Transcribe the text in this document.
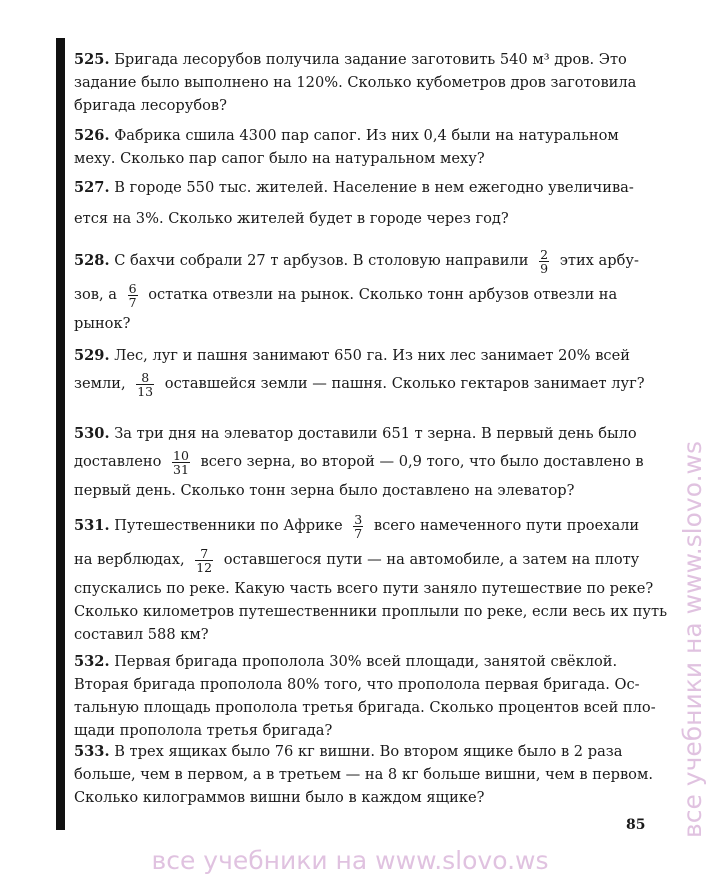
525. Бригада лесорубов получила задание заготовить 540 м³ дров. Это
задание было выполнено на 120%. Сколько кубометров дров заготовила
бригада лесорубов?
526. Фабрика сшила 4300 пар сапог. Из них 0,4 были на натуральном
меху. Сколько пар сапог было на натуральном меху?
527. В городе 550 тыс. жителей. Население в нем ежегодно увеличива-
ется на 3%. Сколько жителей будет в городе через год?
528. С бахчи собрали 27 т арбузов. В столовую направили $\frac{2}{9}$ этих арбу-
зов, а $\frac{6}{7}$ остатка отвезли на рынок. Сколько тонн арбузов отвезли на
рынок?
529. Лес, луг и пашня занимают 650 га. Из них лес занимает 20% всей
земли, $\frac{8}{13}$ оставшейся земли — пашня. Сколько гектаров занимает луг?
530. За три дня на элеватор доставили 651 т зерна. В первый день было
доставлено $\frac{10}{31}$ всего зерна, во второй — 0,9 того, что было доставлено в
первый день. Сколько тонн зерна было доставлено на элеватор?
531. Путешественники по Африке $\frac{3}{7}$ всего намеченного пути проехали
на верблюдах, $\frac{7}{12}$ оставшегося пути — на автомобиле, а затем на плоту
спускались по реке. Какую часть всего пути заняло путешествие по реке?
Сколько километров путешественники проплыли по реке, если весь их путь
составил 588 км?
532. Первая бригада прополола 30% всей площади, занятой свёклой.
Вторая бригада прополола 80% того, что прополола первая бригада. Ос-
тальную площадь прополола третья бригада. Сколько процентов всей пло-
щади прополола третья бригада?
533. В трех ящиках было 76 кг вишни. Во втором ящике было в 2 раза
больше, чем в первом, а в третьем — на 8 кг больше вишни, чем в первом.
Сколько килограммов вишни было в каждом ящике?
85
все учебники на www.slovo.ws
все учебники на www.slovo.ws
